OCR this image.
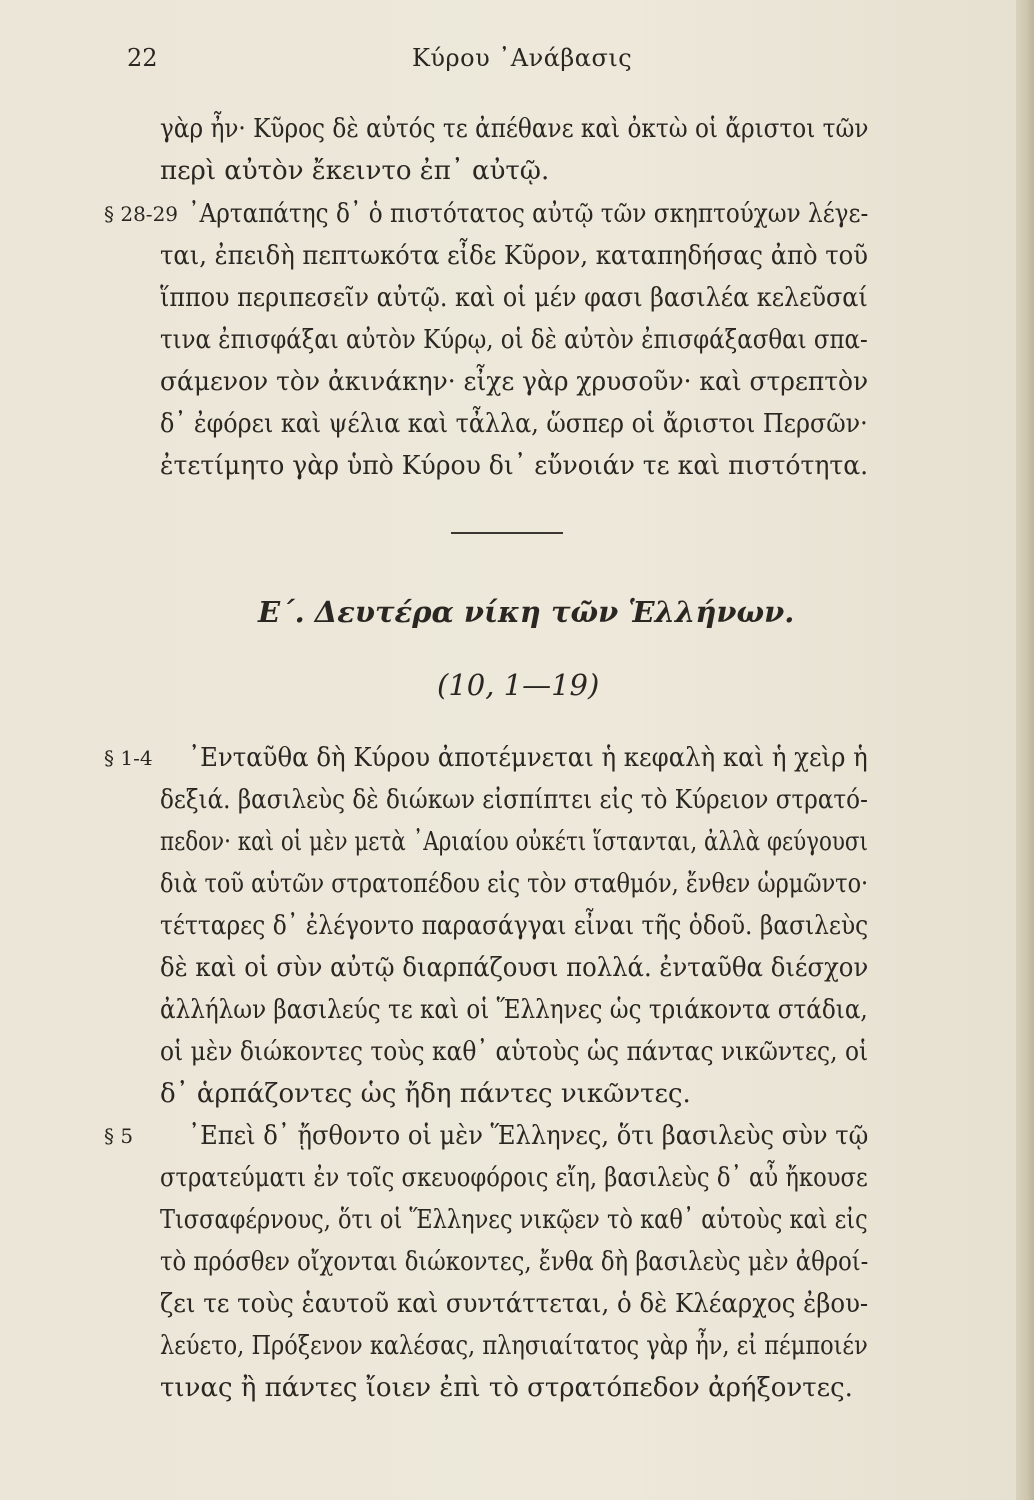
22	Κύρου ᾿Ανάβασις
γὰρ ἦν· Κῦρος δὲ αὐτός τε ἀπέθανε καὶ ὀκτὼ οἱ ἄριστοι τῶν
περὶ αὐτὸν ἔκειντο ἐπ᾿ αὐτῷ.
§ 28-29 ᾿Αρταπάτης δ᾿ ὁ πιστότατος αὐτῷ τῶν σκηπτούχων λέγε-
ται, ἐπειδὴ πεπτωκότα εἶδε Κῦρον, καταπηδήσας ἀπὸ τοῦ
ἵππου περιπεσεῖν αὐτῷ. καὶ οἱ μέν φασι βασιλέα κελεῦσαί
τινα ἐπισφάξαι αὐτὸν Κύρῳ, οἱ δὲ αὐτὸν ἐπισφάξασθαι σπα-
σάμενον τὸν ἀκινάκην· εἶχε γὰρ χρυσοῦν· καὶ στρεπτὸν
δ᾿ ἐφόρει καὶ ψέλια καὶ τἆλλα, ὥσπερ οἱ ἄριστοι Περσῶν·
ἐτετίμητο γὰρ ὑπὸ Κύρου δι᾿ εὔνοιάν τε καὶ πιστότητα.
Ε΄. Δευτέρα νίκη τῶν Ἑλλήνων.
(10, 1—19)
§ 1-4 ᾿Ενταῦθα δὴ Κύρου ἀποτέμνεται ἡ κεφαλὴ καὶ ἡ χεὶρ ἡ
δεξιά. βασιλεὺς δὲ διώκων εἰσπίπτει εἰς τὸ Κύρειον στρατό-
πεδον· καὶ οἱ μὲν μετὰ ᾿Αριαίου οὐκέτι ἵστανται, ἀλλὰ φεύγουσι
διὰ τοῦ αὑτῶν στρατοπέδου εἰς τὸν σταθμόν, ἔνθεν ὡρμῶντο·
τέτταρες δ᾿ ἐλέγοντο παρασάγγαι εἶναι τῆς ὁδοῦ. βασιλεὺς
δὲ καὶ οἱ σὺν αὐτῷ διαρπάζουσι πολλά. ἐνταῦθα διέσχον
ἀλλήλων βασιλεύς τε καὶ οἱ Ἕλληνες ὡς τριάκοντα στάδια,
οἱ μὲν διώκοντες τοὺς καθ᾿ αὑτοὺς ὡς πάντας νικῶντες, οἱ
δ᾿ ἁρπάζοντες ὡς ἤδη πάντες νικῶντες.
§ 5 ᾿Επεὶ δ᾿ ᾔσθοντο οἱ μὲν Ἕλληνες, ὅτι βασιλεὺς σὺν τῷ
στρατεύματι ἐν τοῖς σκευοφόροις εἴη, βασιλεὺς δ᾿ αὖ ἤκουσε
Τισσαφέρνους, ὅτι οἱ Ἕλληνες νικῷεν τὸ καθ᾿ αὑτοὺς καὶ εἰς
τὸ πρόσθεν οἴχονται διώκοντες, ἔνθα δὴ βασιλεὺς μὲν ἀθροί-
ζει τε τοὺς ἑαυτοῦ καὶ συντάττεται, ὁ δὲ Κλέαρχος ἐβου-
λεύετο, Πρόξενον καλέσας, πλησιαίτατος γὰρ ἦν, εἰ πέμποιέν
τινας ἢ πάντες ἴοιεν ἐπὶ τὸ στρατόπεδον ἀρήξοντες.
